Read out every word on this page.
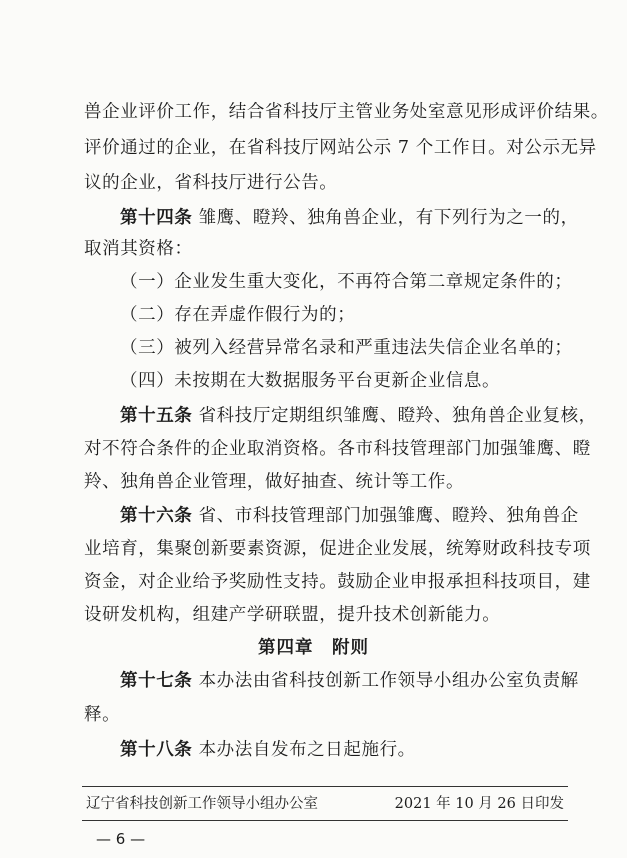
兽企业评价工作，结合省科技厅主管业务处室意见形成评价结果。
评价通过的企业，在省科技厅网站公示 7 个工作日。对公示无异
议的企业，省科技厅进行公告。
第十四条 雏鹰、瞪羚、独角兽企业，有下列行为之一的，
取消其资格：
（一）企业发生重大变化，不再符合第二章规定条件的；
（二）存在弄虚作假行为的；
（三）被列入经营异常名录和严重违法失信企业名单的；
（四）未按期在大数据服务平台更新企业信息。
第十五条 省科技厅定期组织雏鹰、瞪羚、独角兽企业复核，
对不符合条件的企业取消资格。各市科技管理部门加强雏鹰、瞪
羚、独角兽企业管理，做好抽查、统计等工作。
第十六条 省、市科技管理部门加强雏鹰、瞪羚、独角兽企
业培育，集聚创新要素资源，促进企业发展，统筹财政科技专项
资金，对企业给予奖励性支持。鼓励企业申报承担科技项目，建
设研发机构，组建产学研联盟，提升技术创新能力。
第四章　附则
第十七条 本办法由省科技创新工作领导小组办公室负责解
释。
第十八条 本办法自发布之日起施行。
辽宁省科技创新工作领导小组办公室	2021 年 10 月 26 日印发
— 6 —
